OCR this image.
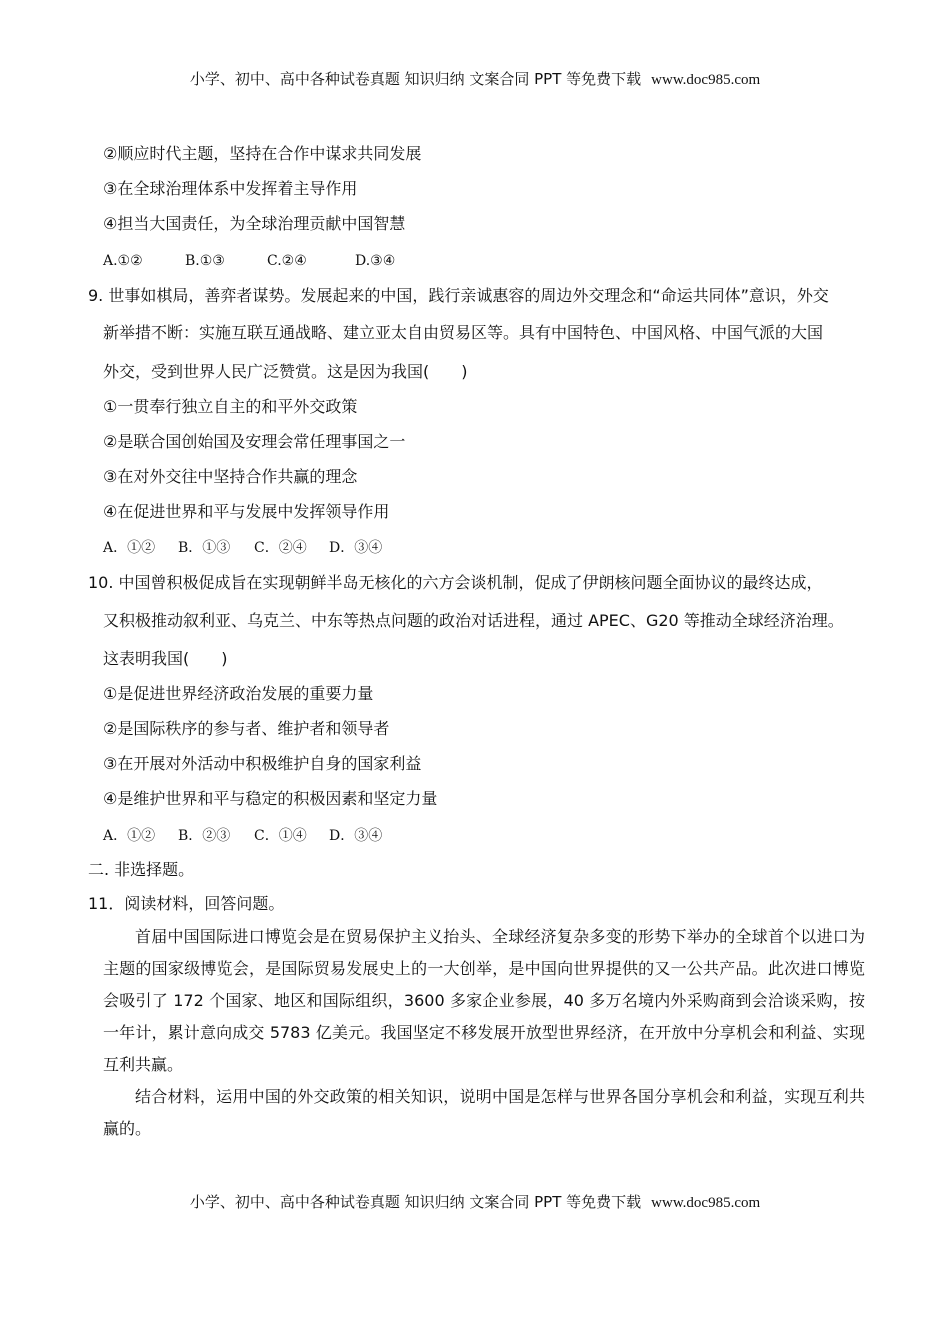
小学、初中、高中各种试卷真题 知识归纳 文案合同 PPT 等免费下载 www.doc985.com
②顺应时代主题，坚持在合作中谋求共同发展
③在全球治理体系中发挥着主导作用
④担当大国责任，为全球治理贡献中国智慧
A.①②	B.①③	C.②④	D.③④
9. 世事如棋局，善弈者谋势。发展起来的中国，践行亲诚惠容的周边外交理念和“命运共同体”意识，外交
新举措不断：实施互联互通战略、建立亚太自由贸易区等。具有中国特色、中国风格、中国气派的大国
外交，受到世界人民广泛赞赏。这是因为我国(　　)
①一贯奉行独立自主的和平外交政策
②是联合国创始国及安理会常任理事国之一
③在对外交往中坚持合作共赢的理念
④在促进世界和平与发展中发挥领导作用
A．①② B．①③ C．②④ D．③④
10. 中国曾积极促成旨在实现朝鲜半岛无核化的六方会谈机制，促成了伊朗核问题全面协议的最终达成，
又积极推动叙利亚、乌克兰、中东等热点问题的政治对话进程，通过 APEC、G20 等推动全球经济治理。
这表明我国(　　)
①是促进世界经济政治发展的重要力量
②是国际秩序的参与者、维护者和领导者
③在开展对外活动中积极维护自身的国家利益
④是维护世界和平与稳定的积极因素和坚定力量
A．①② B．②③ C．①④ D．③④
二. 非选择题。
11．阅读材料，回答问题。

首届中国国际进口博览会是在贸易保护主义抬头、全球经济复杂多变的形势下举办的全球首个以进口为主题的国家级博览会，是国际贸易发展史上的一大创举，是中国向世界提供的又一公共产品。此次进口博览会吸引了 172 个国家、地区和国际组织，3600 多家企业参展，40 多万名境内外采购商到会洽谈采购，按一年计，累计意向成交 5783 亿美元。我国坚定不移发展开放型世界经济，在开放中分享机会和利益、实现互利共赢。

结合材料，运用中国的外交政策的相关知识，说明中国是怎样与世界各国分享机会和利益，实现互利共赢的。

小学、初中、高中各种试卷真题 知识归纳 文案合同 PPT 等免费下载 www.doc985.com
